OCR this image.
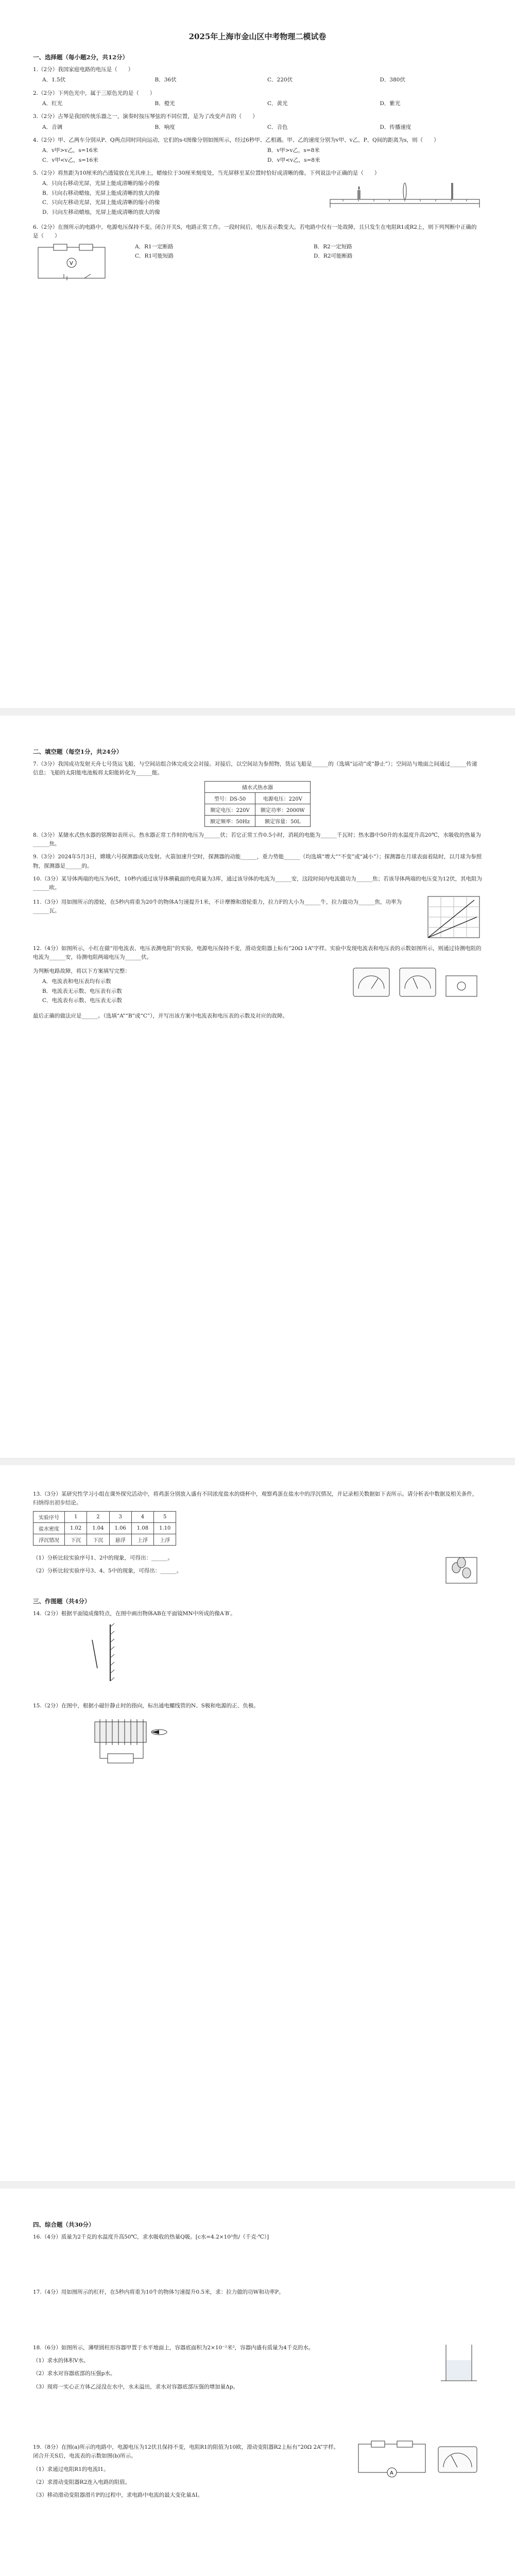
2025年上海市金山区中考物理二模试卷
一、选择题（每小题2分，共12分）
1.（2分）我国家庭电路的电压是（　　）
A．1.5伏	B．36伏	C．220伏	D．380伏
2.（2分）下列色光中，属于三原色光的是（　　）
A．红光	B．橙光	C．黄光	D．紫光
3.（2分）古琴是我国传统乐器之一，演奏时按压琴弦的不同位置，是为了改变声音的（　　）
A．音调	B．响度	C．音色	D．传播速度
4.（2分）甲、乙两车分别从P、Q两点同时同向运动，它们的s-t图像分别如图所示，经过6秒甲、乙相遇。甲、乙的速度分别为v甲、v乙，P、Q间的距离为s，则（　　）
A．v甲>v乙，s=16米	B．v甲>v乙，s=8米
C．v甲<v乙，s=16米	D．v甲<v乙，s=8米
5.（2分）将焦距为10厘米的凸透镜放在光具座上，蜡烛位于30厘米刻度处，当光屏移至某位置时恰好成清晰的像。下列说法中正确的是（　　）
A．只向右移动光屏，光屏上能成清晰的缩小的像
B．只向右移动蜡烛，光屏上能成清晰的放大的像
C．只向左移动光屏，光屏上能成清晰的缩小的像
D．只向左移动蜡烛，光屏上能成清晰的放大的像
6.（2分）在图所示的电路中，电源电压保持不变。闭合开关S，电路正常工作。一段时间后，电压表示数变大。若电路中仅有一处故障，且只发生在电阻R1或R2上，则下列判断中正确的是（　　）
V
A．R1一定断路	B．R2一定短路
C．R1可能短路	D．R2可能断路
二、填空题（每空1分，共24分）
7.（3分）我国成功发射天舟七号货运飞船，与空间站组合体完成交会对接。对接后，以空间站为参照物，货运飞船是______的（选填“运动”或“静止”）；空间站与地面之间通过______传递信息；飞船的太阳能电池板将太阳能转化为______能。
储水式热水器	
型号：DS-50	电源电压：220V
额定电压：220V	额定功率：2000W
额定频率：50Hz	额定容量：50L
8.（3分）某储水式热水器的铭牌如表所示。热水器正常工作时的电压为______伏；若它正常工作0.5小时，消耗的电能为______千瓦时；热水器中50升的水温度升高20℃，水吸收的热量为______焦。
9.（3分）2024年5月3日，嫦娥六号探测器成功发射。火箭加速升空时，探测器的动能______，重力势能______（均选填“增大”“不变”或“减小”）；探测器在月球表面着陆时，以月球为参照物，探测器是______的。
10.（3分）某导体两端的电压为6伏，10秒内通过该导体横截面的电荷量为3库，通过该导体的电流为______安，这段时间内电流做功为______焦；若该导体两端的电压变为12伏，其电阻为______欧。
11.（3分）用如图所示的滑轮，在5秒内将重为20牛的物体A匀速提升1米，不计摩擦和滑轮重力，拉力F的大小为______牛，拉力做功为______焦，功率为______瓦。
12.（4分）如图所示，小红在做“用电流表、电压表测电阻”的实验，电源电压保持不变，滑动变阻器上标有“20Ω 1A”字样。实验中发现电流表和电压表的示数如图所示，则通过待测电阻的电流为______安，待测电阻两端电压为______伏。
为判断电路故障，将以下方案填写完整：
A．电流表和电压表均有示数
B．电流表无示数、电压表有示数
C．电流表有示数、电压表无示数
最后正确的做法应是______。（选填“A”“B”或“C”），并写出该方案中电流表和电压表的示数及对应的故障。
13.（3分）某研究性学习小组在课外探究活动中，将鸡蛋分别放入盛有不同浓度盐水的烧杯中，观察鸡蛋在盐水中的浮沉情况，并记录相关数据如下表所示。请分析表中数据及相关条件，归纳得出初步结论。
实验序号	1	2	3	4	5
盐水密度	1.02	1.04	1.06	1.08	1.10
浮沉情况	下沉	下沉	悬浮	上浮	上浮
（1）分析比较实验序号1、2中的现象，可得出：______。
（2）分析比较实验序号3、4、5中的现象，可得出：______。
三、作图题（共4分）
14.（2分）根据平面镜成像特点，在图中画出物体AB在平面镜MN中所成的像A′B′。
15.（2分）在图中，根据小磁针静止时的指向，标出通电螺线管的N、S极和电源的正、负极。
四、综合题（共30分）
16.（4分）质量为2千克的水温度升高50℃，求水吸收的热量Q吸。[c水=4.2×10³焦/（千克·℃）]
17.（4分）用如图所示的杠杆，在5秒内将重为10牛的物体匀速提升0.5米，求：拉力做的功W和功率P。
18.（6分）如图所示，薄壁圆柱形容器甲置于水平地面上，容器底面积为2×10⁻²米²，容器内盛有质量为4千克的水。
（1）求水的体积V水。
（2）求水对容器底部的压强p水。
（3）现将一实心正方体乙浸没在水中，水未溢出，求水对容器底部压强的增加量Δp。
19.（8分）在图(a)所示的电路中，电源电压为12伏且保持不变，电阻R1的阻值为10欧，滑动变阻器R2上标有“20Ω 2A”字样。闭合开关S后，电流表的示数如图(b)所示。
（1）求通过电阻R1的电流I1。
（2）求滑动变阻器R2连入电路的阻值。
（3）移动滑动变阻器滑片P的过程中，求电路中电流的最大变化量ΔI。
A
